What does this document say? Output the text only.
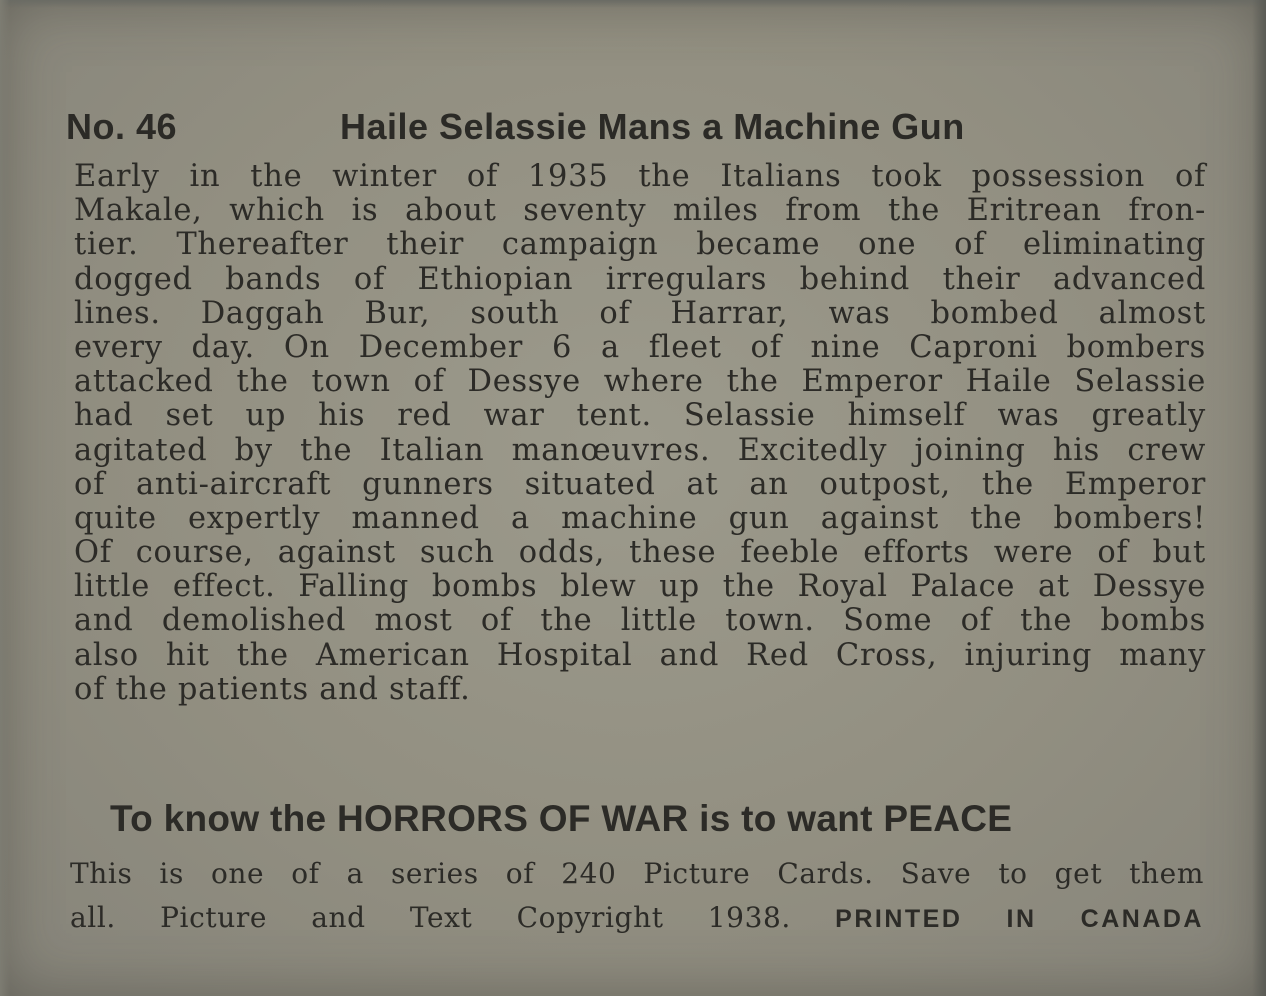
No. 46	Haile Selassie Mans a Machine Gun
Early in the winter of 1935 the Italians took possession of
Makale, which is about seventy miles from the Eritrean fron-
tier. Thereafter their campaign became one of eliminating
dogged bands of Ethiopian irregulars behind their advanced
lines. Daggah Bur, south of Harrar, was bombed almost
every day. On December 6 a fleet of nine Caproni bombers
attacked the town of Dessye where the Emperor Haile Selassie
had set up his red war tent. Selassie himself was greatly
agitated by the Italian manœuvres. Excitedly joining his crew
of anti-aircraft gunners situated at an outpost, the Emperor
quite expertly manned a machine gun against the bombers!
Of course, against such odds, these feeble efforts were of but
little effect. Falling bombs blew up the Royal Palace at Dessye
and demolished most of the little town. Some of the bombs
also hit the American Hospital and Red Cross, injuring many
of the patients and staff.
To know the HORRORS OF WAR is to want PEACE
This is one of a series of 240 Picture Cards. Save to get them
all. Picture and Text Copyright 1938. PRINTED IN CANADA
